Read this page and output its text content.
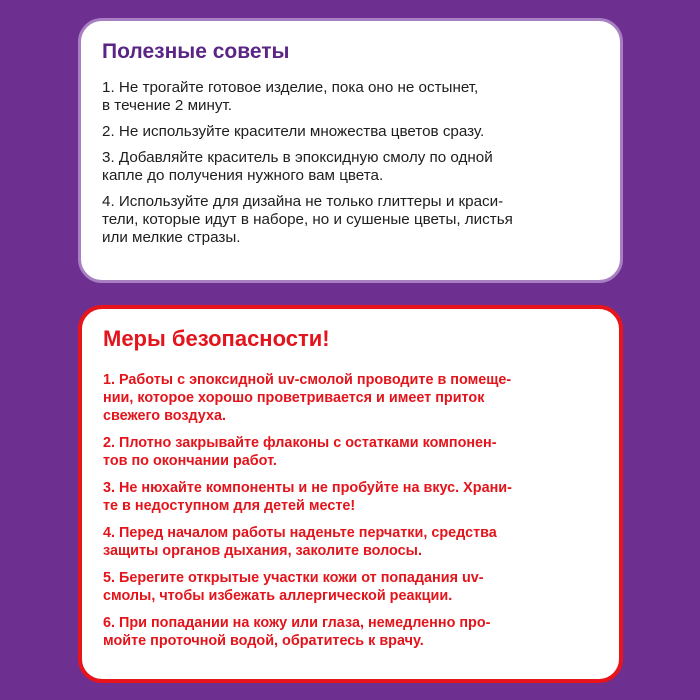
Полезные советы

1. Не трогайте готовое изделие, пока оно не остынет,
в течение 2 минут.

2. Не используйте красители множества цветов сразу.

3. Добавляйте краситель в эпоксидную смолу по одной
капле до получения нужного вам цвета.

4. Используйте для дизайна не только глиттеры и краси-
тели, которые идут в наборе, но и сушеные цветы, листья
или мелкие стразы.

Меры безопасности!

1. Работы с эпоксидной uv-смолой проводите в помеще-
нии, которое хорошо проветривается и имеет приток
свежего воздуха.

2. Плотно закрывайте флаконы с остатками компонен-
тов по окончании работ.

3. Не нюхайте компоненты и не пробуйте на вкус. Храни-
те в недоступном для детей месте!

4. Перед началом работы наденьте перчатки, средства
защиты органов дыхания, заколите волосы.

5. Берегите открытые участки кожи от попадания uv-
смолы, чтобы избежать аллергической реакции.

6. При попадании на кожу или глаза, немедленно про-
мойте проточной водой, обратитесь к врачу.
